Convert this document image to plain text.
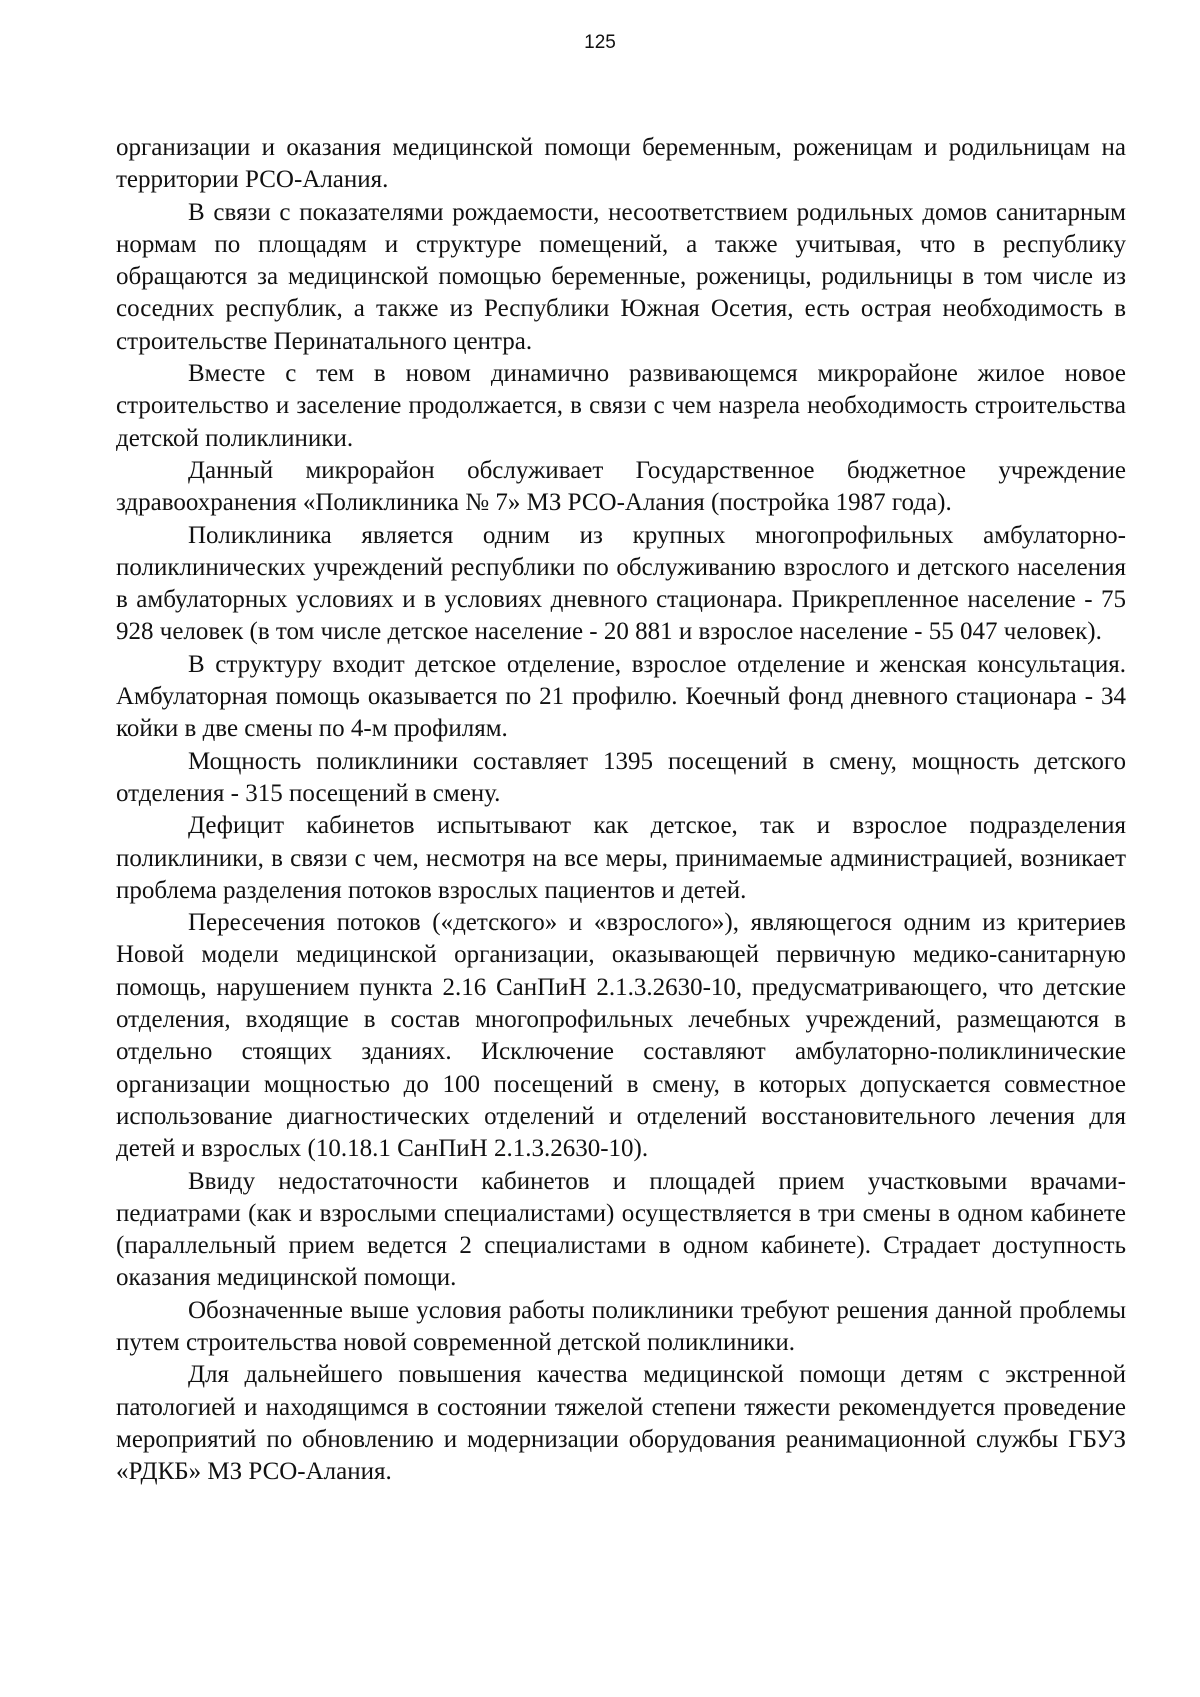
125

организации и оказания медицинской помощи беременным, роженицам и родильницам на территории РСО-Алания.

В связи с показателями рождаемости, несоответствием родильных домов санитарным нормам по площадям и структуре помещений, а также учитывая, что в республику обращаются за медицинской помощью беременные, роженицы, родильницы в том числе из соседних республик, а также из Республики Южная Осетия, есть острая необходимость в строительстве Перинатального центра.

Вместе с тем в новом динамично развивающемся микрорайоне жилое новое строительство и заселение продолжается, в связи с чем назрела необходимость строительства детской поликлиники.

Данный микрорайон обслуживает Государственное бюджетное учреждение здравоохранения «Поликлиника № 7» МЗ РСО-Алания (постройка 1987 года).

Поликлиника является одним из крупных многопрофильных амбулаторно-поликлинических учреждений республики по обслуживанию взрослого и детского населения в амбулаторных условиях и в условиях дневного стационара. Прикрепленное население - 75 928 человек (в том числе детское население - 20 881 и взрослое население - 55 047 человек).

В структуру входит детское отделение, взрослое отделение и женская консультация. Амбулаторная помощь оказывается по 21 профилю. Коечный фонд дневного стационара - 34 койки в две смены по 4-м профилям.

Мощность поликлиники составляет 1395 посещений в смену, мощность детского отделения - 315 посещений в смену.

Дефицит кабинетов испытывают как детское, так и взрослое подразделения поликлиники, в связи с чем, несмотря на все меры, принимаемые администрацией, возникает проблема разделения потоков взрослых пациентов и детей.

Пересечения потоков («детского» и «взрослого»), являющегося одним из критериев Новой модели медицинской организации, оказывающей первичную медико-санитарную помощь, нарушением пункта 2.16 СанПиН 2.1.3.2630-10, предусматривающего, что детские отделения, входящие в состав многопрофильных лечебных учреждений, размещаются в отдельно стоящих зданиях. Исключение составляют амбулаторно-поликлинические организации мощностью до 100 посещений в смену, в которых допускается совместное использование диагностических отделений и отделений восстановительного лечения для детей и взрослых (10.18.1 СанПиН 2.1.3.2630-10).

Ввиду недостаточности кабинетов и площадей прием участковыми врачами-педиатрами (как и взрослыми специалистами) осуществляется в три смены в одном кабинете (параллельный прием ведется 2 специалистами в одном кабинете). Страдает доступность оказания медицинской помощи.

Обозначенные выше условия работы поликлиники требуют решения данной проблемы путем строительства новой современной детской поликлиники.

Для дальнейшего повышения качества медицинской помощи детям с экстренной патологией и находящимся в состоянии тяжелой степени тяжести рекомендуется проведение мероприятий по обновлению и модернизации оборудования реанимационной службы ГБУЗ «РДКБ» МЗ РСО-Алания.
